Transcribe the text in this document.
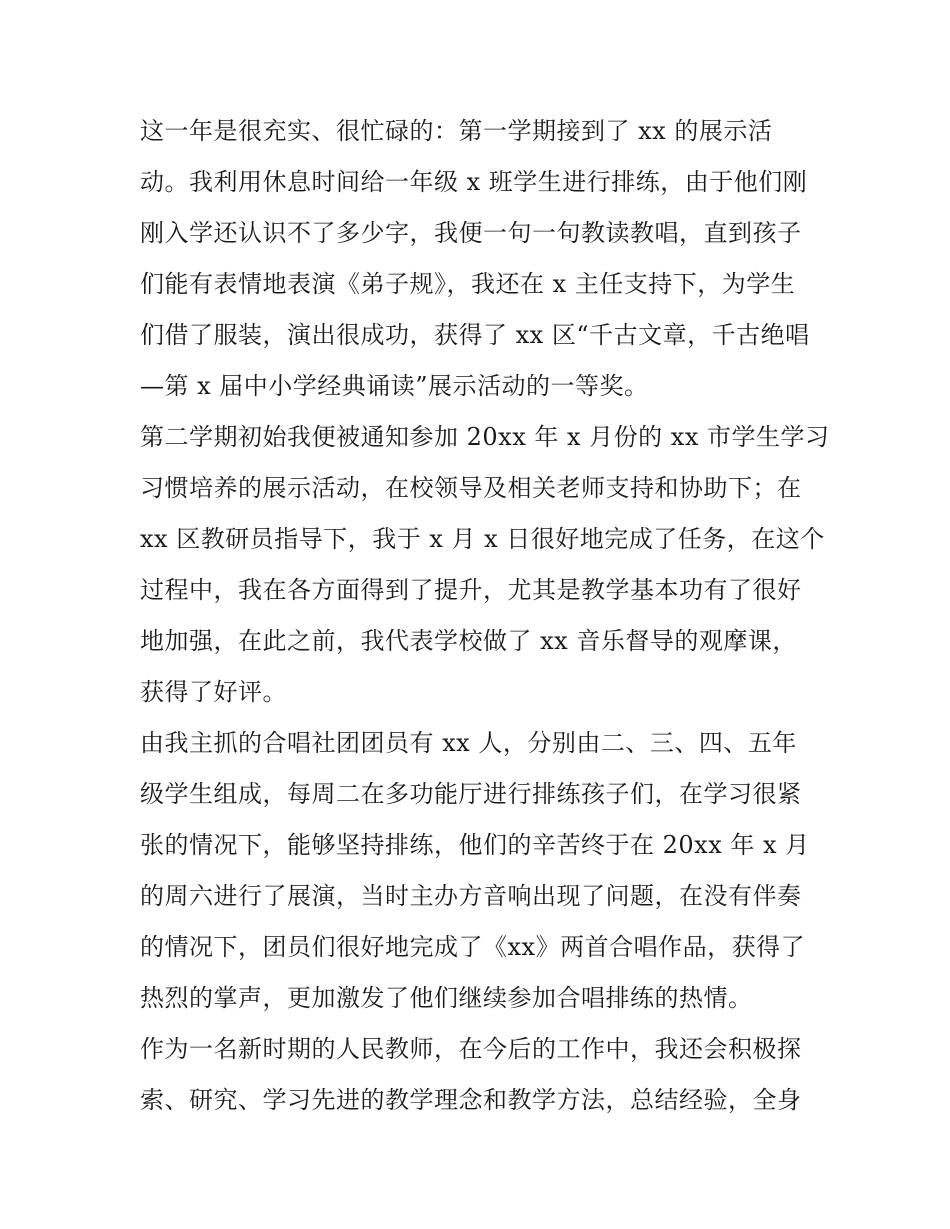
这一年是很充实、很忙碌的：第一学期接到了 xx 的展示活
动。我利用休息时间给一年级 x 班学生进行排练，由于他们刚
刚入学还认识不了多少字，我便一句一句教读教唱，直到孩子
们能有表情地表演《弟子规》，我还在 x 主任支持下，为学生
们借了服装，演出很成功，获得了 xx 区“千古文章，千古绝唱
—第 x 届中小学经典诵读”展示活动的一等奖。
第二学期初始我便被通知参加 20xx 年 x 月份的 xx 市学生学习
习惯培养的展示活动，在校领导及相关老师支持和协助下；在
xx 区教研员指导下，我于 x 月 x 日很好地完成了任务，在这个
过程中，我在各方面得到了提升，尤其是教学基本功有了很好
地加强，在此之前，我代表学校做了 xx 音乐督导的观摩课，
获得了好评。
由我主抓的合唱社团团员有 xx 人，分别由二、三、四、五年
级学生组成，每周二在多功能厅进行排练孩子们，在学习很紧
张的情况下，能够坚持排练，他们的辛苦终于在 20xx 年 x 月
的周六进行了展演，当时主办方音响出现了问题，在没有伴奏
的情况下，团员们很好地完成了《xx》两首合唱作品，获得了
热烈的掌声，更加激发了他们继续参加合唱排练的热情。
作为一名新时期的人民教师，在今后的工作中，我还会积极探
索、研究、学习先进的教学理念和教学方法，总结经验，全身
